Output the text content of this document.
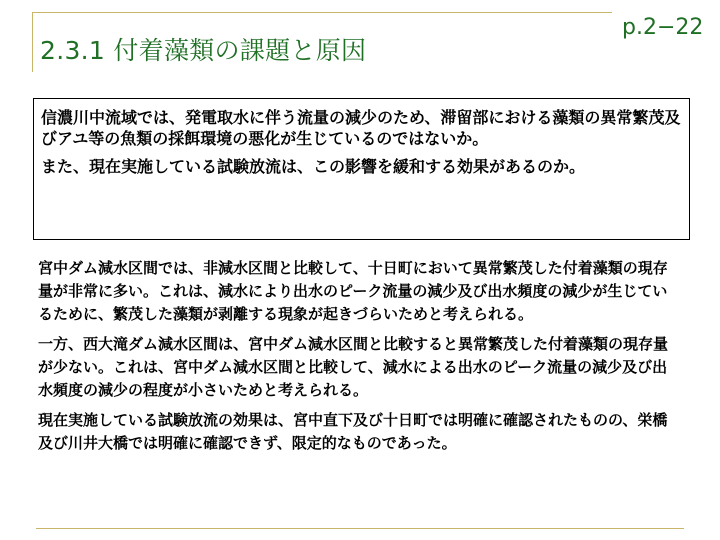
2.3.1 付着藻類の課題と原因
p.2−22

信濃川中流域では、発電取水に伴う流量の減少のため、滞留部における藻類の異常繁茂及びアユ等の魚類の採餌環境の悪化が生じているのではないか。

また、現在実施している試験放流は、この影響を緩和する効果があるのか。

宮中ダム減水区間では、非減水区間と比較して、十日町において異常繁茂した付着藻類の現存量が非常に多い。これは、減水により出水のピーク流量の減少及び出水頻度の減少が生じているために、繁茂した藻類が剥離する現象が起きづらいためと考えられる。

一方、西大滝ダム減水区間は、宮中ダム減水区間と比較すると異常繁茂した付着藻類の現存量が少ない。これは、宮中ダム減水区間と比較して、減水による出水のピーク流量の減少及び出水頻度の減少の程度が小さいためと考えられる。

現在実施している試験放流の効果は、宮中直下及び十日町では明確に確認されたものの、栄橋及び川井大橋では明確に確認できず、限定的なものであった。
